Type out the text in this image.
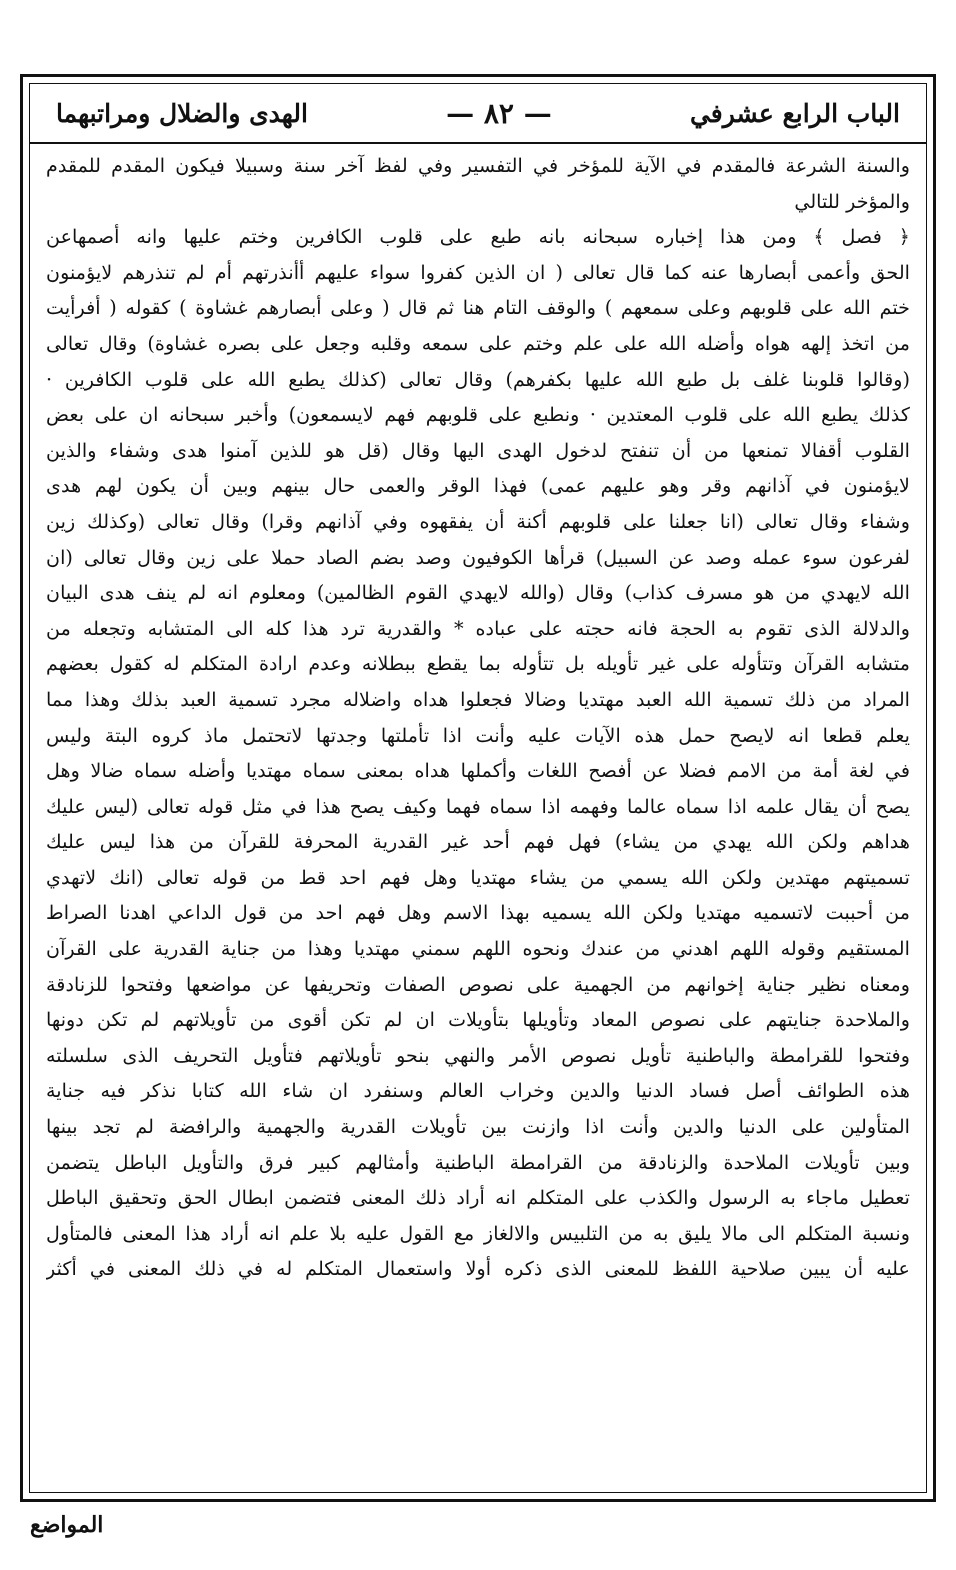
الباب الرابع عشرفي
— ٨٢ —
الهدى والضلال ومراتبهما
والسنة الشرعة فالمقدم في الآية للمؤخر في التفسير وفي لفظ آخر سنة وسبيلا فيكون المقدم للمقدم
والمؤخر للتالي
﴿ فصل ﴾ ومن هذا إخباره سبحانه بانه طبع على قلوب الكافرين وختم عليها وانه أصمهاعن
الحق وأعمى أبصارها عنه كما قال تعالى ( ان الذين كفروا سواء عليهم أأنذرتهم أم لم تنذرهم لايؤمنون
ختم الله على قلوبهم وعلى سمعهم ) والوقف التام هنا ثم قال ( وعلى أبصارهم غشاوة ) كقوله ( أفرأيت
من اتخذ إلهه هواه وأضله الله على علم وختم على سمعه وقلبه وجعل على بصره غشاوة) وقال تعالى
(وقالوا قلوبنا غلف بل طبع الله عليها بكفرهم) وقال تعالى (كذلك يطبع الله على قلوب الكافرين ·
كذلك يطبع الله على قلوب المعتدين · ونطبع على قلوبهم فهم لايسمعون) وأخبر سبحانه ان على بعض
القلوب أقفالا تمنعها من أن تنفتح لدخول الهدى اليها وقال (قل هو للذين آمنوا هدى وشفاء والذين
لايؤمنون في آذانهم وقر وهو عليهم عمى) فهذا الوقر والعمى حال بينهم وبين أن يكون لهم هدى
وشفاء وقال تعالى (انا جعلنا على قلوبهم أكنة أن يفقهوه وفي آذانهم وقرا) وقال تعالى (وكذلك زين
لفرعون سوء عمله وصد عن السبيل) قرأها الكوفيون وصد بضم الصاد حملا على زين وقال تعالى (ان
الله لايهدي من هو مسرف كذاب) وقال (والله لايهدي القوم الظالمين) ومعلوم انه لم ينف هدى البيان
والدلالة الذى تقوم به الحجة فانه حجته على عباده * والقدرية ترد هذا كله الى المتشابه وتجعله من
متشابه القرآن وتتأوله على غير تأويله بل تتأوله بما يقطع ببطلانه وعدم ارادة المتكلم له كقول بعضهم
المراد من ذلك تسمية الله العبد مهتديا وضالا فجعلوا هداه واضلاله مجرد تسمية العبد بذلك وهذا مما
يعلم قطعا انه لايصح حمل هذه الآيات عليه وأنت اذا تأملتها وجدتها لاتحتمل ماذ كروه البتة وليس
في لغة أمة من الامم فضلا عن أفصح اللغات وأكملها هداه بمعنى سماه مهتديا وأضله سماه ضالا وهل
يصح أن يقال علمه اذا سماه عالما وفهمه اذا سماه فهما وكيف يصح هذا في مثل قوله تعالى (ليس عليك
هداهم ولكن الله يهدي من يشاء) فهل فهم أحد غير القدرية المحرفة للقرآن من هذا ليس عليك
تسميتهم مهتدين ولكن الله يسمي من يشاء مهتديا وهل فهم احد قط من قوله تعالى (انك لاتهدي
من أحببت لاتسميه مهتديا ولكن الله يسميه بهذا الاسم وهل فهم احد من قول الداعي اهدنا الصراط
المستقيم وقوله اللهم اهدني من عندك ونحوه اللهم سمني مهتديا وهذا من جناية القدرية على القرآن
ومعناه نظير جناية إخوانهم من الجهمية على نصوص الصفات وتحريفها عن مواضعها وفتحوا للزنادقة
والملاحدة جنايتهم على نصوص المعاد وتأويلها بتأويلات ان لم تكن أقوى من تأويلاتهم لم تكن دونها
وفتحوا للقرامطة والباطنية تأويل نصوص الأمر والنهي بنحو تأويلاتهم فتأويل التحريف الذى سلسلته
هذه الطوائف أصل فساد الدنيا والدين وخراب العالم وسنفرد ان شاء الله كتابا نذكر فيه جناية
المتأولين على الدنيا والدين وأنت اذا وازنت بين تأويلات القدرية والجهمية والرافضة لم تجد بينها
وبين تأويلات الملاحدة والزنادقة من القرامطة الباطنية وأمثالهم كبير فرق والتأويل الباطل يتضمن
تعطيل ماجاء به الرسول والكذب على المتكلم انه أراد ذلك المعنى فتضمن ابطال الحق وتحقيق الباطل
ونسبة المتكلم الى مالا يليق به من التلبيس والالغاز مع القول عليه بلا علم انه أراد هذا المعنى فالمتأول
عليه أن يبين صلاحية اللفظ للمعنى الذى ذكره أولا واستعمال المتكلم له في ذلك المعنى في أكثر
المواضع
